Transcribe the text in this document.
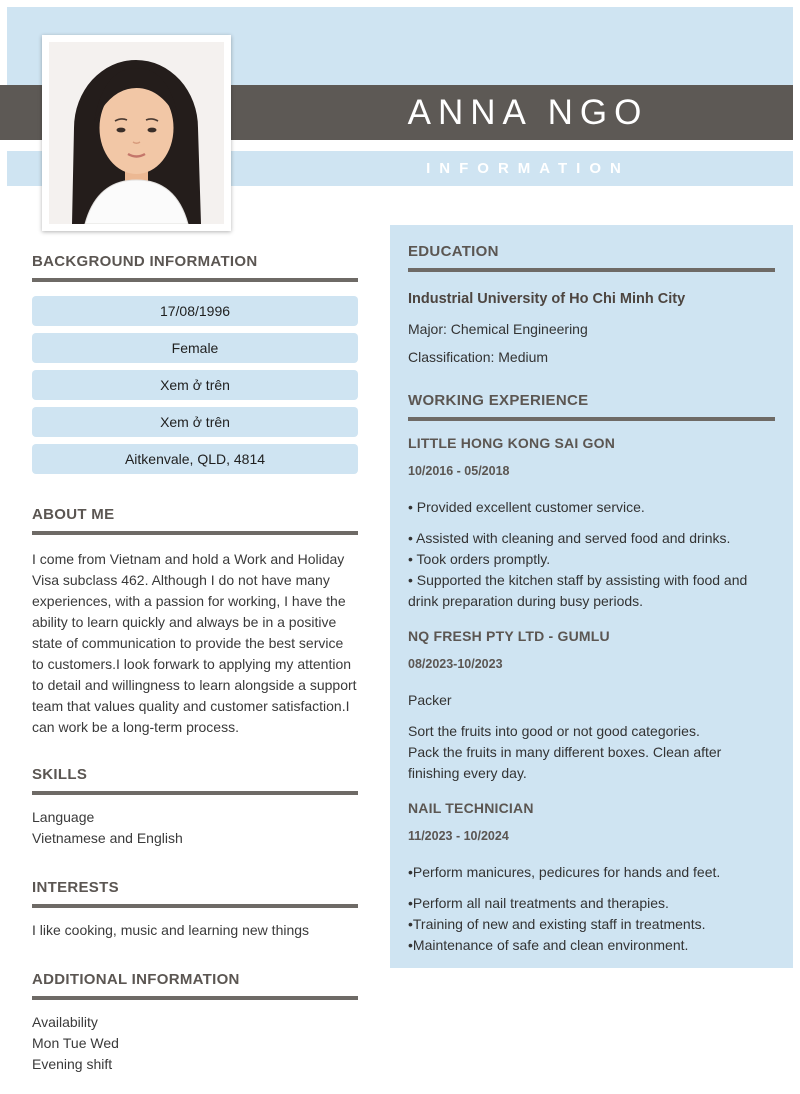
ANNA NGO
INFORMATION
BACKGROUND INFORMATION
17/08/1996
Female
Xem ở trên
Xem ở trên
Aitkenvale, QLD, 4814
ABOUT ME

I come from Vietnam and hold a Work and Holiday Visa subclass 462. Although I do not have many experiences, with a passion for working, I have the ability to learn quickly and always be in a positive state of communication to provide the best service to customers.I look forwark to applying my attention to detail and willingness to learn alongside a support team that values quality and customer satisfaction.I can work be a long-term process.

SKILLS
Language
Vietnamese and English
INTERESTS
I like cooking, music and learning new things
ADDITIONAL INFORMATION
Availability
Mon Tue Wed
Evening shift
EDUCATION
Industrial University of Ho Chi Minh City
Major: Chemical Engineering
Classification: Medium
WORKING EXPERIENCE
LITTLE HONG KONG SAI GON
10/2016 - 05/2018
• Provided excellent customer service.
• Assisted with cleaning and served food and drinks.
• Took orders promptly.
• Supported the kitchen staff by assisting with food and drink preparation during busy periods.
NQ FRESH PTY LTD - GUMLU
08/2023-10/2023
Packer
Sort the fruits into good or not good categories.
Pack the fruits in many different boxes. Clean after finishing every day.
NAIL TECHNICIAN
11/2023 - 10/2024
•Perform manicures, pedicures for hands and feet.
•Perform all nail treatments and therapies.
•Training of new and existing staff in treatments.
•Maintenance of safe and clean environment.
